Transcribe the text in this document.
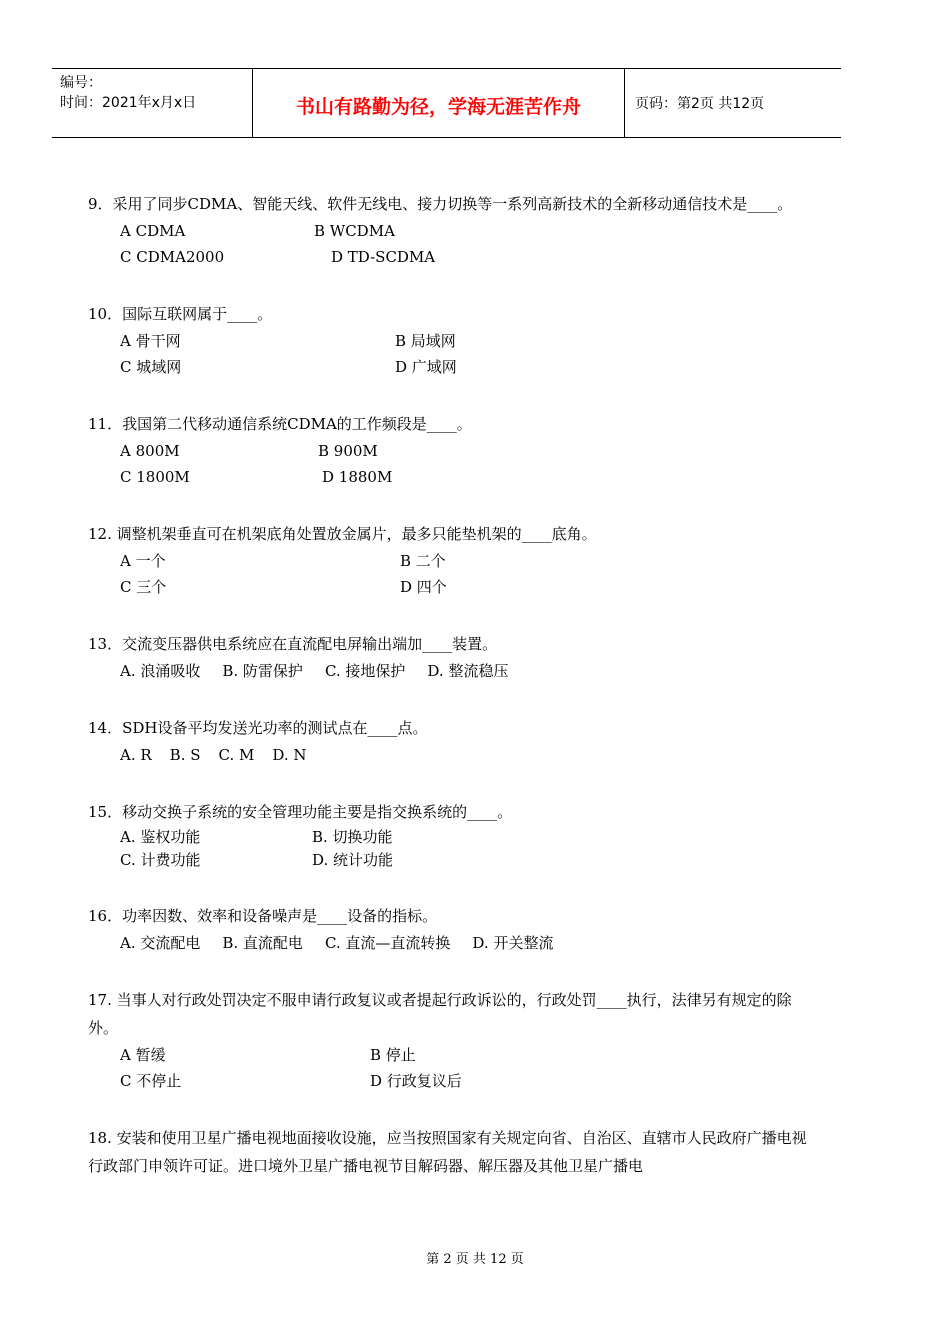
编号：
时间：2021年x月x日	书山有路勤为径，学海无涯苦作舟	页码：第2页 共12页
9．采用了同步CDMA、智能天线、软件无线电、接力切换等一系列高新技术的全新移动通信技术是____。
A CDMA	B WCDMA
C CDMA2000	D TD-SCDMA
10．国际互联网属于____。
A 骨干网	B 局域网
C 城域网	D 广域网
11．我国第二代移动通信系统CDMA的工作频段是____。
A 800M	B 900M
C 1800M	D 1880M
12. 调整机架垂直可在机架底角处置放金属片，最多只能垫机架的____底角。
A 一个	B 二个
C 三个	D 四个
13．交流变压器供电系统应在直流配电屏输出端加____装置。
A. 浪涌吸收 B. 防雷保护 C. 接地保护 D. 整流稳压
14．SDH设备平均发送光功率的测试点在____点。
A. R B. S C. M D. N
15．移动交换子系统的安全管理功能主要是指交换系统的____。
A. 鉴权功能	B. 切换功能
C. 计费功能	D. 统计功能
16．功率因数、效率和设备噪声是____设备的指标。
A. 交流配电 B. 直流配电 C. 直流—直流转换 D. 开关整流
17. 当事人对行政处罚决定不服申请行政复议或者提起行政诉讼的，行政处罚____执行，法律另有规定的除外。
A 暂缓	B 停止
C 不停止	D 行政复议后
18. 安装和使用卫星广播电视地面接收设施，应当按照国家有关规定向省、自治区、直辖市人民政府广播电视行政部门申领许可证。进口境外卫星广播电视节目解码器、解压器及其他卫星广播电
第 2 页 共 12 页
